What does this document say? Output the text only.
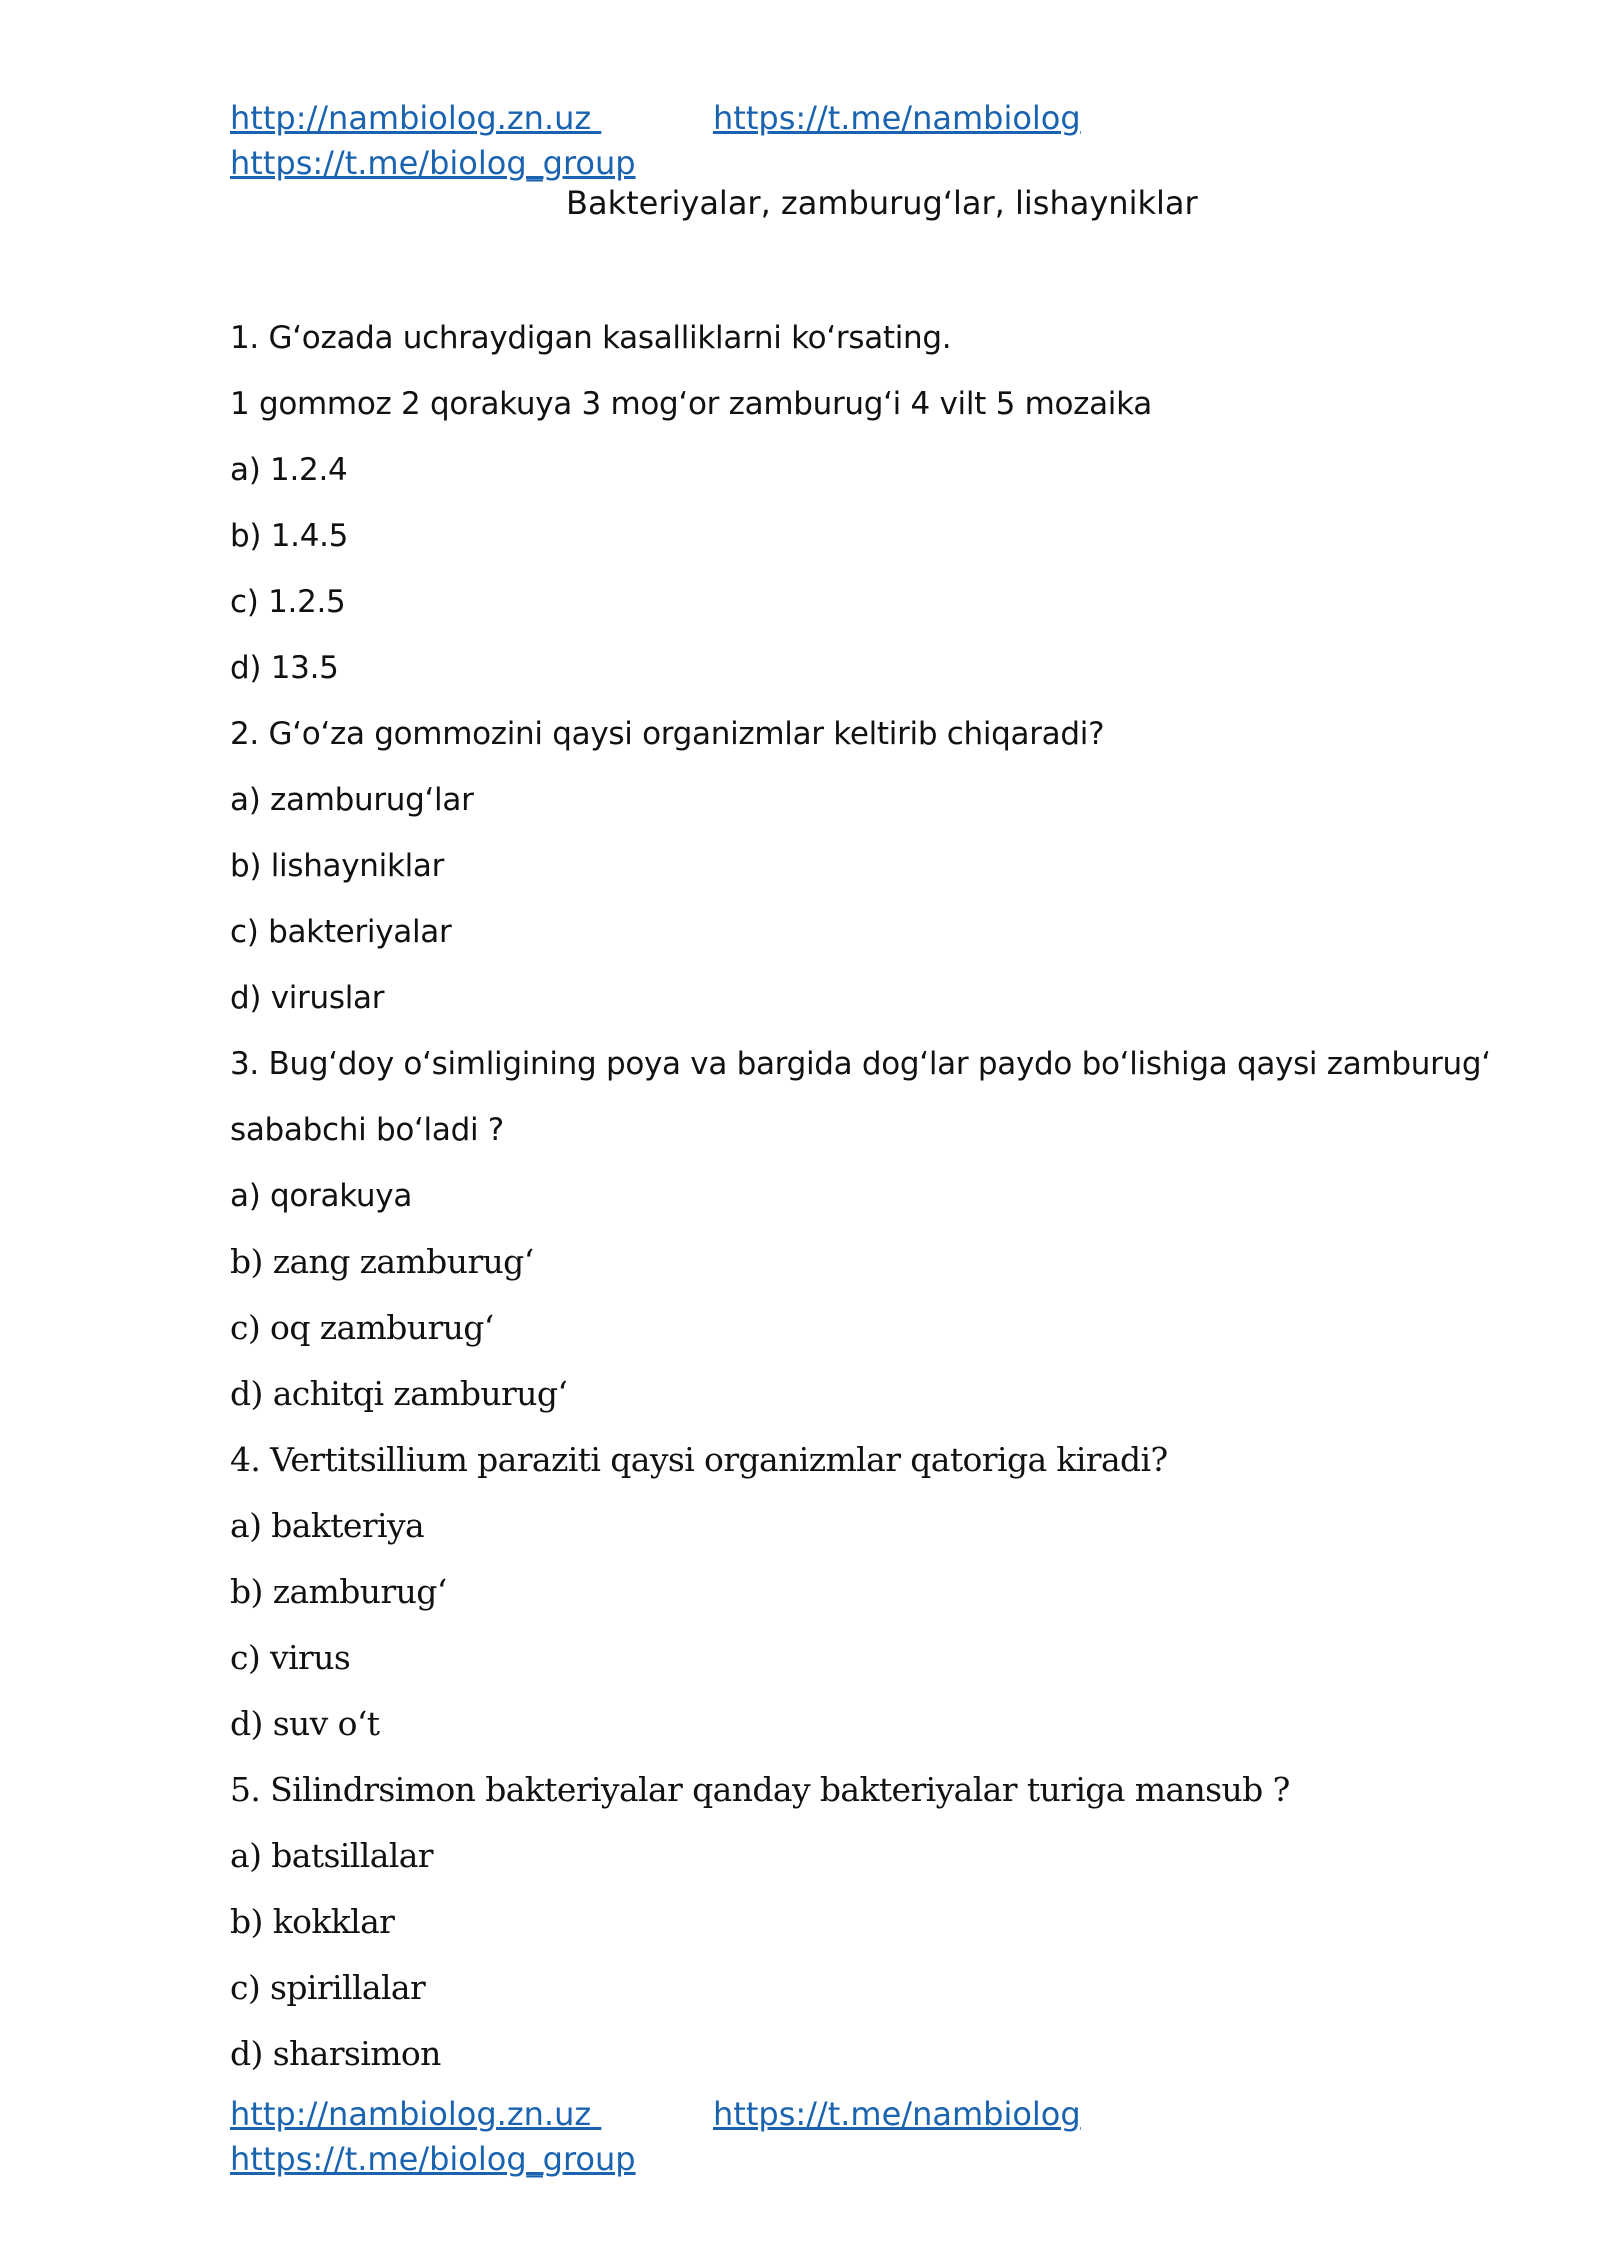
http://nambiolog.zn.uz	https://t.me/nambiolog
https://t.me/biolog_group
Bakteriyalar, zamburug‘lar, lishayniklar
1. G‘ozada uchraydigan kasalliklarni ko‘rsating.
1 gommoz 2 qorakuya 3 mog‘or zamburug‘i 4 vilt 5 mozaika
a) 1.2.4
b) 1.4.5
c) 1.2.5
d) 13.5
2. G‘o‘za gommozini qaysi organizmlar keltirib chiqaradi?
a) zamburug‘lar
b) lishayniklar
c) bakteriyalar
d) viruslar
3. Bug‘doy o‘simligining poya va bargida dog‘lar paydo bo‘lishiga qaysi zamburug‘
sababchi bo‘ladi ?
a) qorakuya
b) zang zamburug‘
c) oq zamburug‘
d) achitqi zamburug‘
4. Vertitsillium paraziti qaysi organizmlar qatoriga kiradi?
a) bakteriya
b) zamburug‘
c) virus
d) suv o‘t
5. Silindrsimon bakteriyalar qanday bakteriyalar turiga mansub ?
a) batsillalar
b) kokklar
c) spirillalar
d) sharsimon
http://nambiolog.zn.uz	https://t.me/nambiolog
https://t.me/biolog_group
